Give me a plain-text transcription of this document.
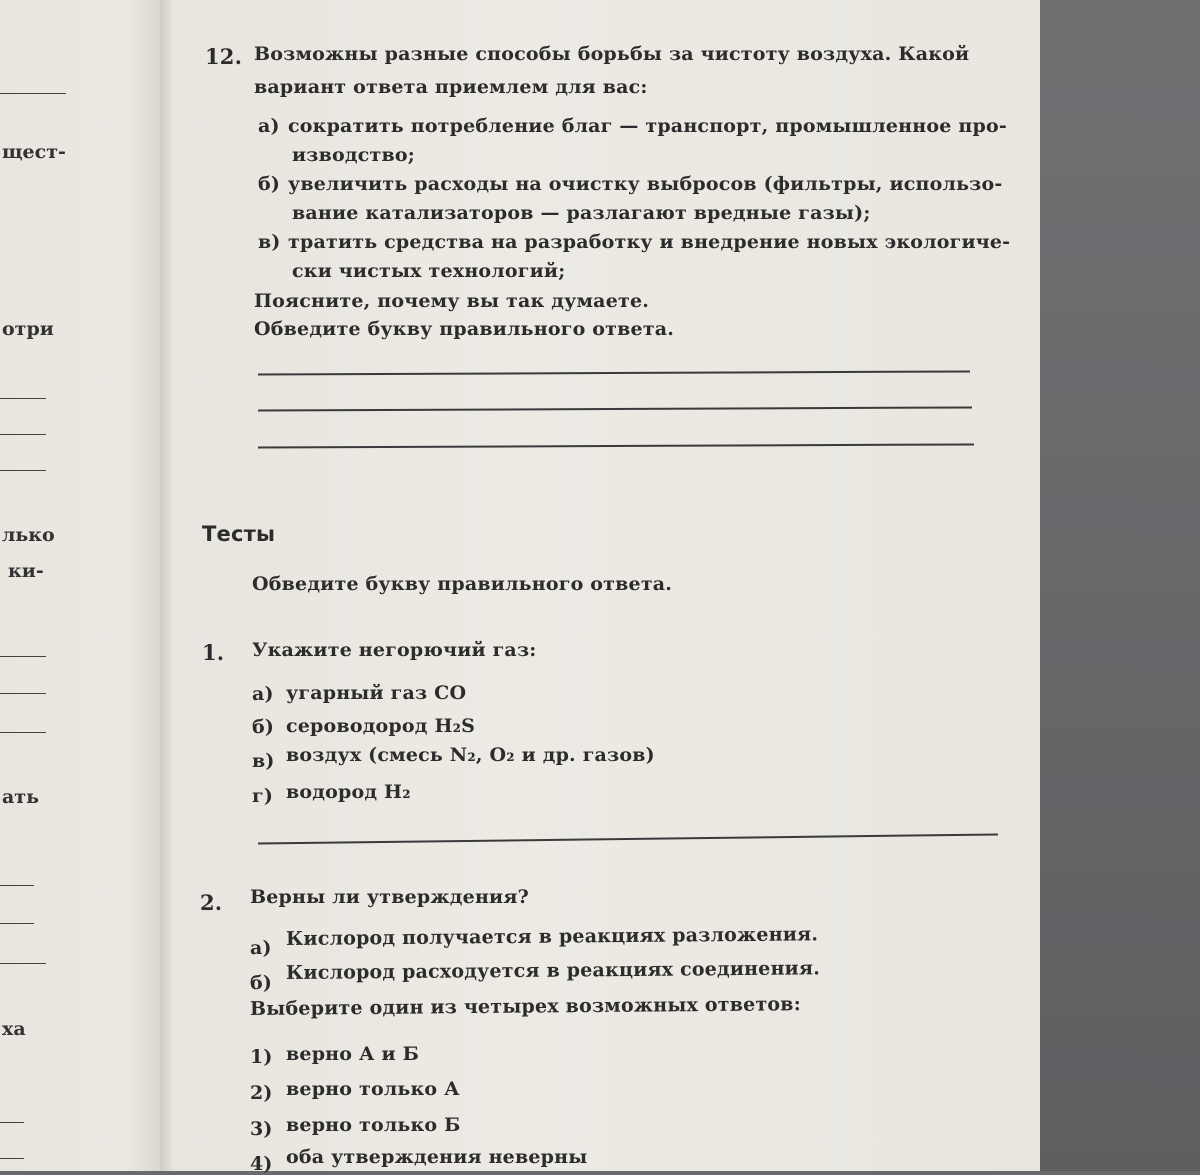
щест-
отри
лько
ки-
ать
ха
12. Возможны разные способы борьбы за чистоту воздуха. Какой
вариант ответа приемлем для вас:
а) сократить потребление благ — транспорт, промышленное про-
изводство;
б) увеличить расходы на очистку выбросов (фильтры, использо-
вание катализаторов — разлагают вредные газы);
в) тратить средства на разработку и внедрение новых экологиче-
ски чистых технологий;
Поясните, почему вы так думаете.
Обведите букву правильного ответа.
Тесты
Обведите букву правильного ответа.
1. Укажите негорючий газ:
а) угарный газ CO
б) сероводород H₂S
в) воздух (смесь N₂, O₂ и др. газов)
г) водород H₂
2. Верны ли утверждения?
а) Кислород получается в реакциях разложения.
б) Кислород расходуется в реакциях соединения.
Выберите один из четырех возможных ответов:
1) верно А и Б
2) верно только А
3) верно только Б
4) оба утверждения неверны
